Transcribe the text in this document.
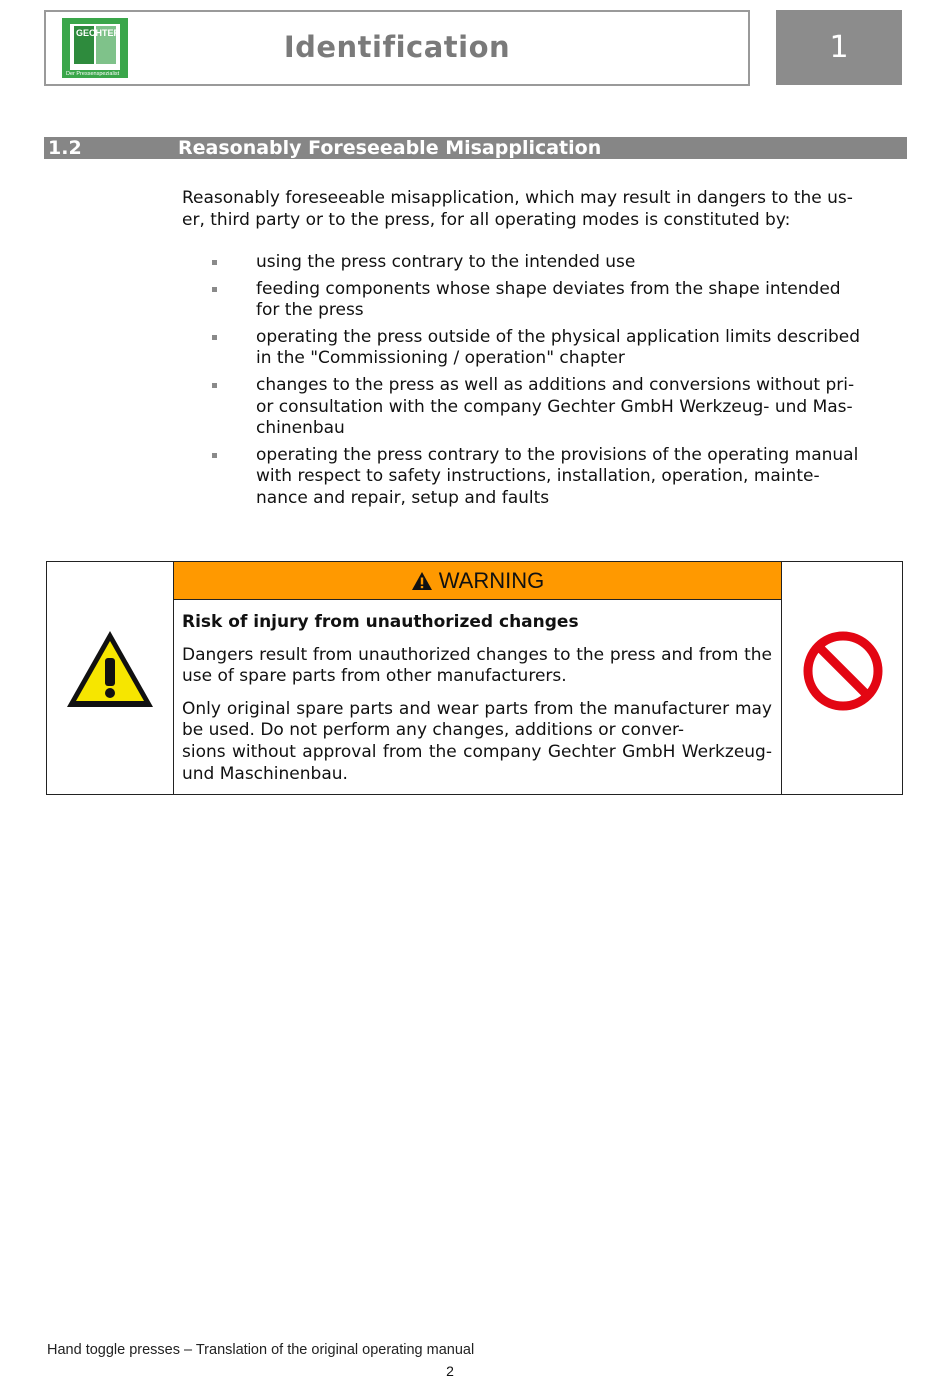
GECHTER
Der Pressenspezialist
Identification	1
1.2	Reasonably Foreseeable Misapplication
Reasonably foreseeable misapplication, which may result in dangers to the us-
er, third party or to the press, for all operating modes is constituted by:
using the press contrary to the intended use
feeding components whose shape deviates from the shape intended
for the press
operating the press outside of the physical application limits described
in the "Commissioning / operation" chapter
changes to the press as well as additions and conversions without pri-
or consultation with the company Gechter GmbH Werkzeug- und Mas-
chinenbau
operating the press contrary to the provisions of the operating manual
with respect to safety instructions, installation, operation, mainte-
nance and repair, setup and faults
WARNING
Risk of injury from unauthorized changes

Dangers result from unauthorized changes to the press and from the use of spare parts from other manufacturers.

Only original spare parts and wear parts from the manufacturer may be used. Do not perform any changes, additions or conver-
sions without approval from the company Gechter GmbH Werkzeug- und Maschinenbau.

Hand toggle presses – Translation of the original operating manual
2
